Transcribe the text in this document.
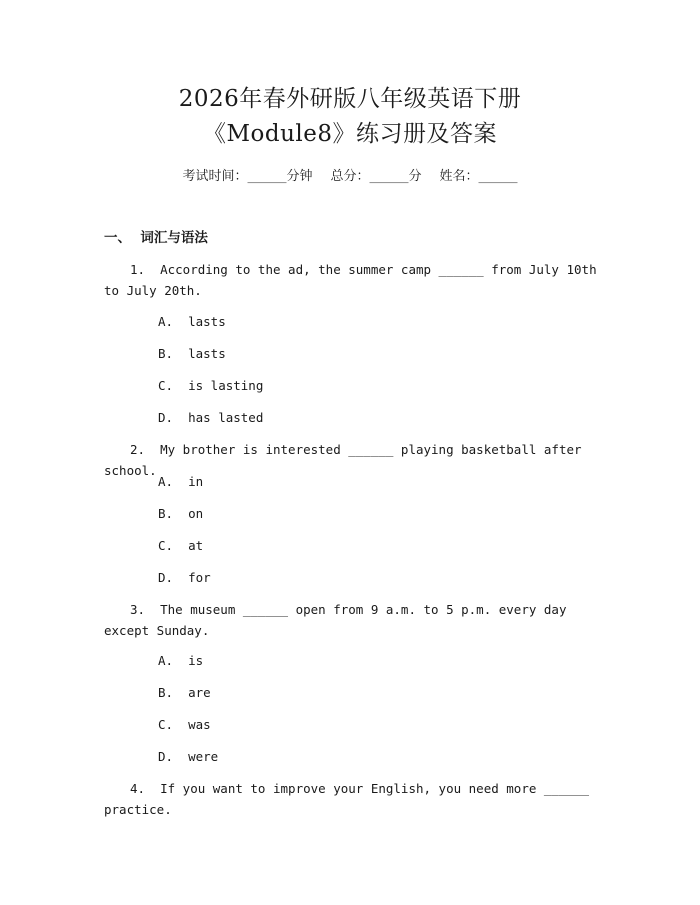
2026年春外研版八年级英语下册
《Module8》练习册及答案
考试时间：______分钟 总分：______分 姓名：______
一、  词汇与语法
1.  According to the ad, the summer camp ______ from July 10th to July 20th.
A.  lasts
B.  lasts
C.  is lasting
D.  has lasted
2.  My brother is interested ______ playing basketball after school.
A.  in
B.  on
C.  at
D.  for
3.  The museum ______ open from 9 a.m. to 5 p.m. every day except Sunday.
A.  is
B.  are
C.  was
D.  were
4.  If you want to improve your English, you need more ______ practice.
